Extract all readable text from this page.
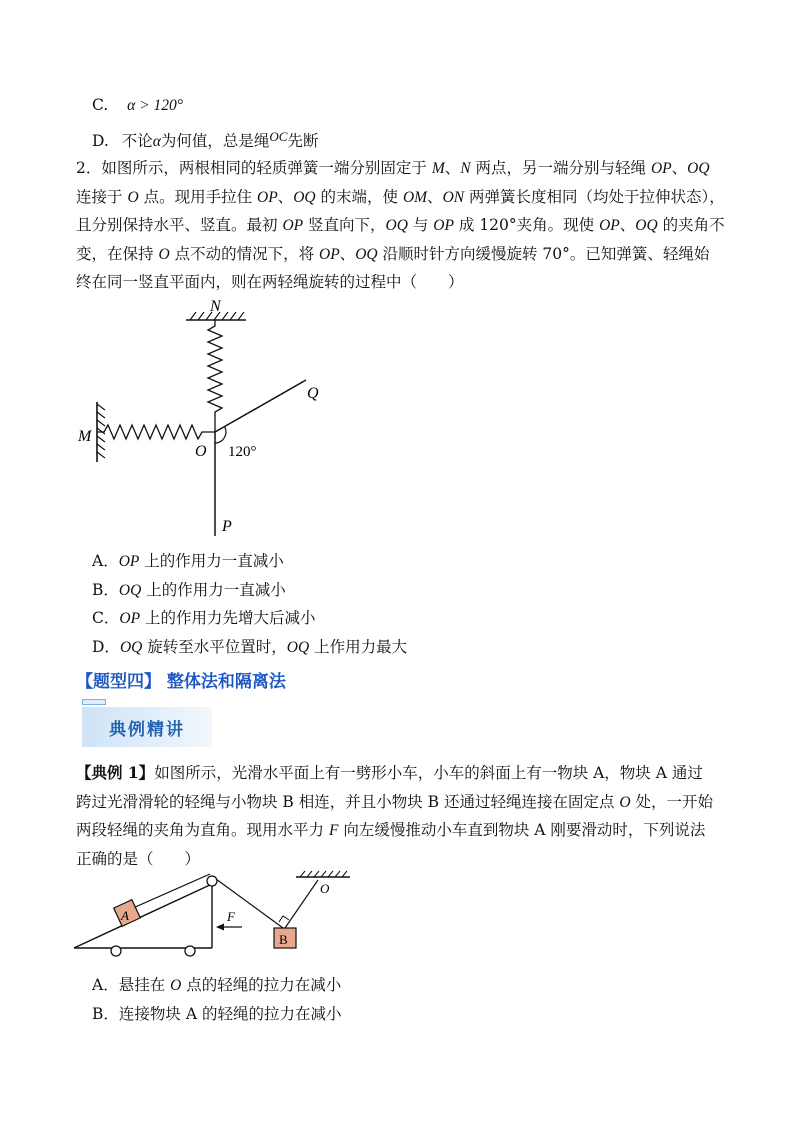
C. α > 120°
D. 不论α为何值，总是绳$^{OC}$先断
2．如图所示，两根相同的轻质弹簧一端分别固定于 M、N 两点，另一端分别与轻绳 OP、OQ
连接于 O 点。现用手拉住 OP、OQ 的末端，使 OM、ON 两弹簧长度相同（均处于拉伸状态），
且分别保持水平、竖直。最初 OP 竖直向下，OQ 与 OP 成 120°夹角。现使 OP、OQ 的夹角不
变，在保持 O 点不动的情况下，将 OP、OQ 沿顺时针方向缓慢旋转 70°。已知弹簧、轻绳始
终在同一竖直平面内，则在两轻绳旋转的过程中（　　）
N
M
O
Q
P
120°
A．OP 上的作用力一直减小
B．OQ 上的作用力一直减小
C．OP 上的作用力先增大后减小
D．OQ 旋转至水平位置时，OQ 上作用力最大
【题型四】 整体法和隔离法
典例精讲
【典例 1】如图所示，光滑水平面上有一劈形小车，小车的斜面上有一物块 A，物块 A 通过
跨过光滑滑轮的轻绳与小物块 B 相连，并且小物块 B 还通过轻绳连接在固定点 O 处，一开始
两段轻绳的夹角为直角。现用水平力 F 向左缓慢推动小车直到物块 A 刚要滑动时，下列说法
正确的是（　　）
A
O
B
F
A．悬挂在 O 点的轻绳的拉力在减小
B．连接物块 A 的轻绳的拉力在减小
